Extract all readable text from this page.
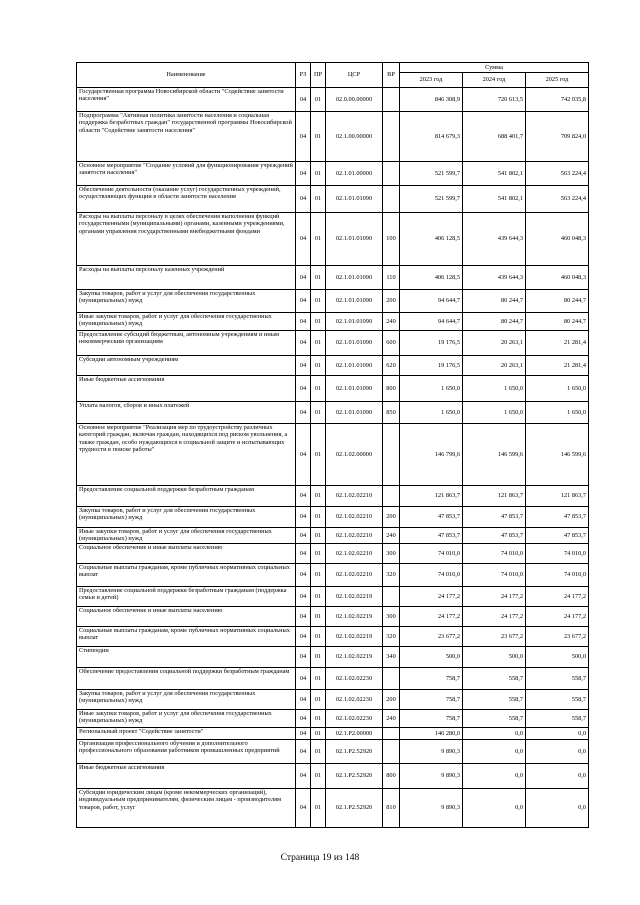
Наименование	РЗ	ПР	ЦСР	ВР	Сумма		
					2023 год	2024 год	2025 год
Государственная программа Новосибирской области "Содействие занятости населения"	04	01	02.0.00.00000		846 308,9	720 613,5	742 035,8
Подпрограмма "Активная политика занятости населения и социальная поддержка безработных граждан" государственной программы Новосибирской области "Содействие занятости населения"	04	01	02.1.00.00000		814 679,3	688 401,7	709 824,0
Основное мероприятие "Создание условий для функционирования учреждений занятости населения"	04	01	02.1.01.00000		521 599,7	541 802,1	563 224,4
Обеспечение деятельности (оказание услуг) государственных учреждений, осуществляющих функции в области занятости населения	04	01	02.1.01.01090		521 599,7	541 802,1	563 224,4
Расходы на выплаты персоналу в целях обеспечения выполнения функций государственными (муниципальными) органами, казенными учреждениями, органами управления государственными внебюджетными фондами	04	01	02.1.01.01090	100	406 128,5	439 644,3	460 048,3
Расходы на выплаты персоналу казенных учреждений	04	01	02.1.01.01090	110	406 128,5	439 644,3	460 048,3
Закупка товаров, работ и услуг для обеспечения государственных (муниципальных) нужд	04	01	02.1.01.01090	200	94 644,7	80 244,7	80 244,7
Иные закупки товаров, работ и услуг для обеспечения государственных (муниципальных) нужд	04	01	02.1.01.01090	240	94 644,7	80 244,7	80 244,7
Предоставление субсидий бюджетным, автономным учреждениям и иным некоммерческим организациям	04	01	02.1.01.01090	600	19 176,5	20 263,1	21 281,4
Субсидии автономным учреждениям	04	01	02.1.01.01090	620	19 176,5	20 263,1	21 281,4
Иные бюджетные ассигнования	04	01	02.1.01.01090	800	1 650,0	1 650,0	1 650,0
Уплата налогов, сборов и иных платежей	04	01	02.1.01.01090	850	1 650,0	1 650,0	1 650,0
Основное мероприятие "Реализация мер по трудоустройству различных категорий граждан, включая граждан, находящихся под риском увольнения, а также граждан, особо нуждающихся в социальной защите и испытывающих трудности в поиске работы"	04	01	02.1.02.00000		146 799,6	146 599,6	146 599,6
Предоставление социальной поддержки безработным гражданам	04	01	02.1.02.02210		121 863,7	121 863,7	121 863,7
Закупка товаров, работ и услуг для обеспечения государственных (муниципальных) нужд	04	01	02.1.02.02210	200	47 853,7	47 853,7	47 853,7
Иные закупки товаров, работ и услуг для обеспечения государственных (муниципальных) нужд	04	01	02.1.02.02210	240	47 853,7	47 853,7	47 853,7
Социальное обеспечение и иные выплаты населению	04	01	02.1.02.02210	300	74 010,0	74 010,0	74 010,0
Социальные выплаты гражданам, кроме публичных нормативных социальных выплат	04	01	02.1.02.02210	320	74 010,0	74 010,0	74 010,0
Предоставление социальной поддержки безработным гражданам (поддержка семьи и детей)	04	01	02.1.02.02219		24 177,2	24 177,2	24 177,2
Социальное обеспечение и иные выплаты населению	04	01	02.1.02.02219	300	24 177,2	24 177,2	24 177,2
Социальные выплаты гражданам, кроме публичных нормативных социальных выплат	04	01	02.1.02.02219	320	23 677,2	23 677,2	23 677,2
Стипендии	04	01	02.1.02.02219	340	500,0	500,0	500,0
Обеспечение предоставления социальной поддержки безработным гражданам	04	01	02.1.02.02230		758,7	558,7	558,7
Закупка товаров, работ и услуг для обеспечения государственных (муниципальных) нужд	04	01	02.1.02.02230	200	758,7	558,7	558,7
Иные закупки товаров, работ и услуг для обеспечения государственных (муниципальных) нужд	04	01	02.1.02.02230	240	758,7	558,7	558,7
Региональный проект "Содействие занятости"	04	01	02.1.P2.00000		146 280,0	0,0	0,0
Организация профессионального обучения и дополнительного профессионального образования работников промышленных предприятий	04	01	02.1.P2.52920		9 890,3	0,0	0,0
Иные бюджетные ассигнования	04	01	02.1.P2.52920	800	9 890,3	0,0	0,0
Субсидии юридическим лицам (кроме некоммерческих организаций), индивидуальным предпринимателям, физическим лицам - производителям товаров, работ, услуг	04	01	02.1.P2.52920	810	9 890,3	0,0	0,0
Страница 19 из 148
